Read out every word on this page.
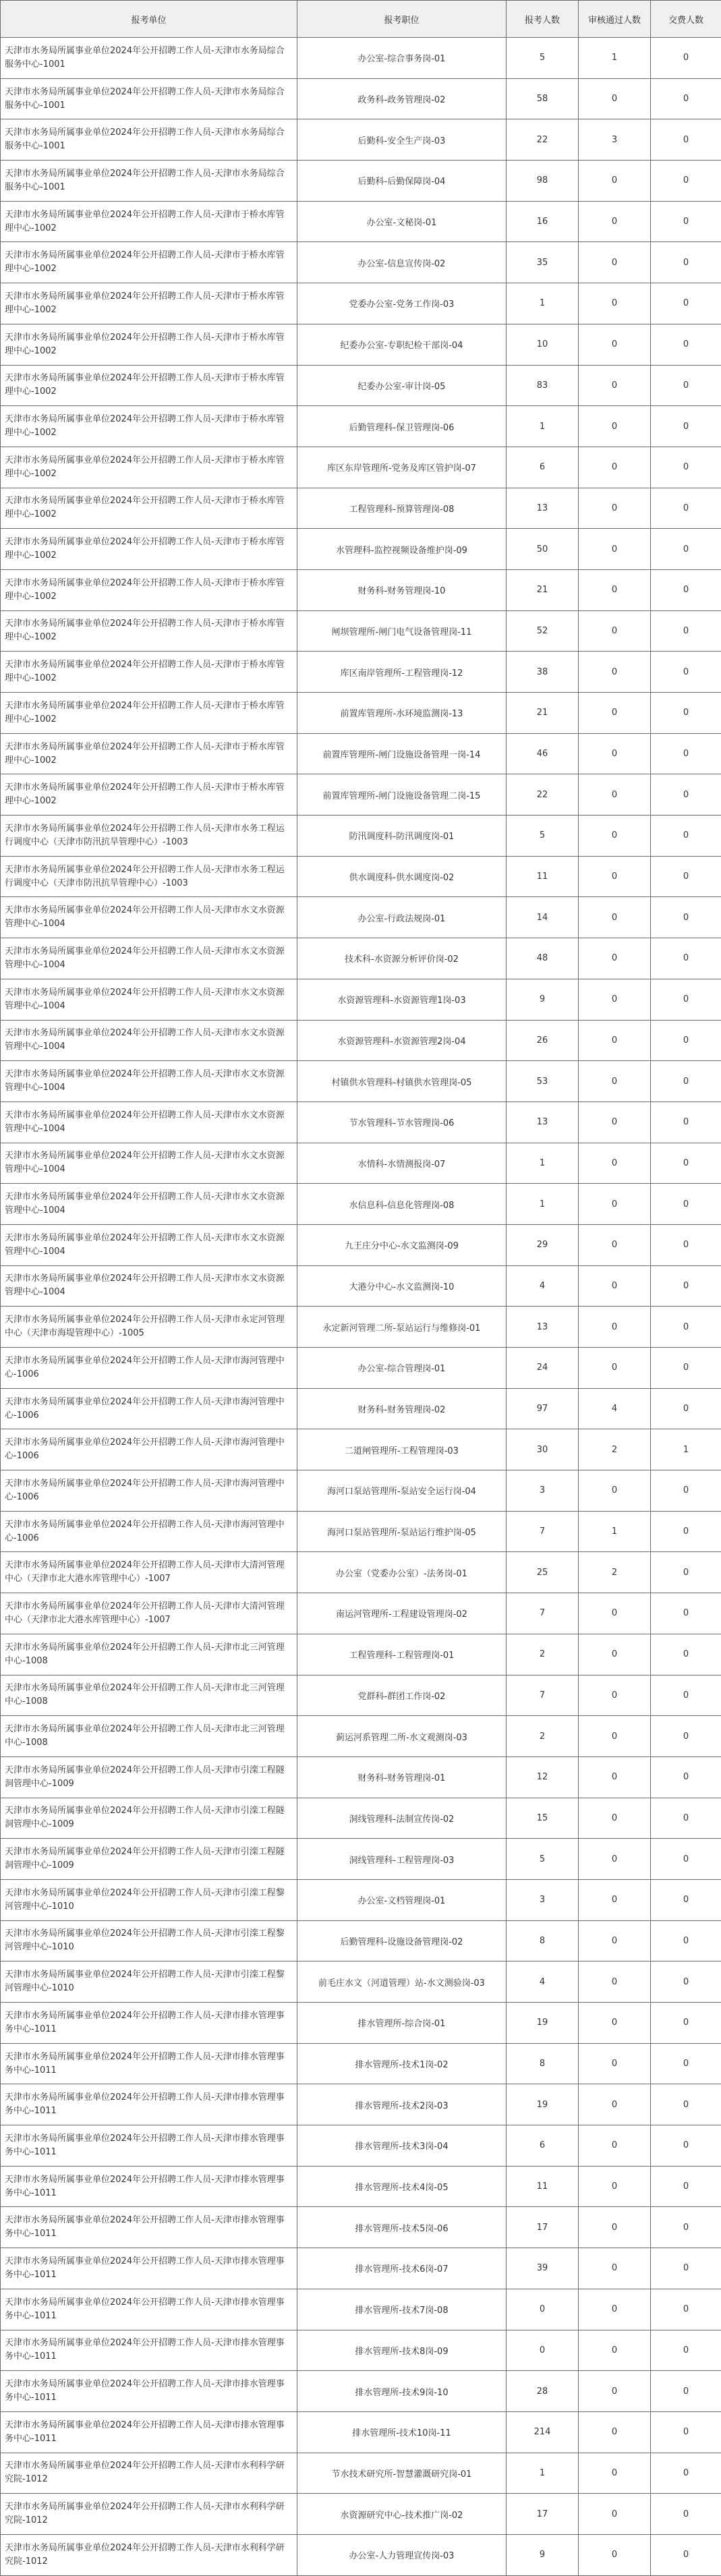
报考单位	报考职位	报考人数	审核通过人数	交费人数
天津市水务局所属事业单位2024年公开招聘工作人员-天津市水务局综合服务中心-1001	办公室-综合事务岗-01	5	1	0
天津市水务局所属事业单位2024年公开招聘工作人员-天津市水务局综合服务中心-1001	政务科-政务管理岗-02	58	0	0
天津市水务局所属事业单位2024年公开招聘工作人员-天津市水务局综合服务中心-1001	后勤科-安全生产岗-03	22	3	0
天津市水务局所属事业单位2024年公开招聘工作人员-天津市水务局综合服务中心-1001	后勤科-后勤保障岗-04	98	0	0
天津市水务局所属事业单位2024年公开招聘工作人员-天津市于桥水库管理中心-1002	办公室-文秘岗-01	16	0	0
天津市水务局所属事业单位2024年公开招聘工作人员-天津市于桥水库管理中心-1002	办公室-信息宣传岗-02	35	0	0
天津市水务局所属事业单位2024年公开招聘工作人员-天津市于桥水库管理中心-1002	党委办公室-党务工作岗-03	1	0	0
天津市水务局所属事业单位2024年公开招聘工作人员-天津市于桥水库管理中心-1002	纪委办公室-专职纪检干部岗-04	10	0	0
天津市水务局所属事业单位2024年公开招聘工作人员-天津市于桥水库管理中心-1002	纪委办公室-审计岗-05	83	0	0
天津市水务局所属事业单位2024年公开招聘工作人员-天津市于桥水库管理中心-1002	后勤管理科-保卫管理岗-06	1	0	0
天津市水务局所属事业单位2024年公开招聘工作人员-天津市于桥水库管理中心-1002	库区东岸管理所-党务及库区管护岗-07	6	0	0
天津市水务局所属事业单位2024年公开招聘工作人员-天津市于桥水库管理中心-1002	工程管理科-预算管理岗-08	13	0	0
天津市水务局所属事业单位2024年公开招聘工作人员-天津市于桥水库管理中心-1002	水管理科-监控视频设备维护岗-09	50	0	0
天津市水务局所属事业单位2024年公开招聘工作人员-天津市于桥水库管理中心-1002	财务科-财务管理岗-10	21	0	0
天津市水务局所属事业单位2024年公开招聘工作人员-天津市于桥水库管理中心-1002	闸坝管理所-闸门电气设备管理岗-11	52	0	0
天津市水务局所属事业单位2024年公开招聘工作人员-天津市于桥水库管理中心-1002	库区南岸管理所-工程管理岗-12	38	0	0
天津市水务局所属事业单位2024年公开招聘工作人员-天津市于桥水库管理中心-1002	前置库管理所-水环境监测岗-13	21	0	0
天津市水务局所属事业单位2024年公开招聘工作人员-天津市于桥水库管理中心-1002	前置库管理所-闸门设施设备管理一岗-14	46	0	0
天津市水务局所属事业单位2024年公开招聘工作人员-天津市于桥水库管理中心-1002	前置库管理所-闸门设施设备管理二岗-15	22	0	0
天津市水务局所属事业单位2024年公开招聘工作人员-天津市水务工程运行调度中心（天津市防汛抗旱管理中心）-1003	防汛调度科-防汛调度岗-01	5	0	0
天津市水务局所属事业单位2024年公开招聘工作人员-天津市水务工程运行调度中心（天津市防汛抗旱管理中心）-1003	供水调度科-供水调度岗-02	11	0	0
天津市水务局所属事业单位2024年公开招聘工作人员-天津市水文水资源管理中心-1004	办公室-行政法规岗-01	14	0	0
天津市水务局所属事业单位2024年公开招聘工作人员-天津市水文水资源管理中心-1004	技术科-水资源分析评价岗-02	48	0	0
天津市水务局所属事业单位2024年公开招聘工作人员-天津市水文水资源管理中心-1004	水资源管理科-水资源管理1岗-03	9	0	0
天津市水务局所属事业单位2024年公开招聘工作人员-天津市水文水资源管理中心-1004	水资源管理科-水资源管理2岗-04	26	0	0
天津市水务局所属事业单位2024年公开招聘工作人员-天津市水文水资源管理中心-1004	村镇供水管理科-村镇供水管理岗-05	53	0	0
天津市水务局所属事业单位2024年公开招聘工作人员-天津市水文水资源管理中心-1004	节水管理科-节水管理岗-06	13	0	0
天津市水务局所属事业单位2024年公开招聘工作人员-天津市水文水资源管理中心-1004	水情科-水情测报岗-07	1	0	0
天津市水务局所属事业单位2024年公开招聘工作人员-天津市水文水资源管理中心-1004	水信息科-信息化管理岗-08	1	0	0
天津市水务局所属事业单位2024年公开招聘工作人员-天津市水文水资源管理中心-1004	九王庄分中心-水文监测岗-09	29	0	0
天津市水务局所属事业单位2024年公开招聘工作人员-天津市水文水资源管理中心-1004	大港分中心-水文监测岗-10	4	0	0
天津市水务局所属事业单位2024年公开招聘工作人员-天津市永定河管理中心（天津市海堤管理中心）-1005	永定新河管理二所-泵站运行与维修岗-01	13	0	0
天津市水务局所属事业单位2024年公开招聘工作人员-天津市海河管理中心-1006	办公室-综合管理岗-01	24	0	0
天津市水务局所属事业单位2024年公开招聘工作人员-天津市海河管理中心-1006	财务科-财务管理岗-02	97	4	0
天津市水务局所属事业单位2024年公开招聘工作人员-天津市海河管理中心-1006	二道闸管理所-工程管理岗-03	30	2	1
天津市水务局所属事业单位2024年公开招聘工作人员-天津市海河管理中心-1006	海河口泵站管理所-泵站安全运行岗-04	3	0	0
天津市水务局所属事业单位2024年公开招聘工作人员-天津市海河管理中心-1006	海河口泵站管理所-泵站运行维护岗-05	7	1	0
天津市水务局所属事业单位2024年公开招聘工作人员-天津市大清河管理中心（天津市北大港水库管理中心）-1007	办公室（党委办公室）-法务岗-01	25	2	0
天津市水务局所属事业单位2024年公开招聘工作人员-天津市大清河管理中心（天津市北大港水库管理中心）-1007	南运河管理所-工程建设管理岗-02	7	0	0
天津市水务局所属事业单位2024年公开招聘工作人员-天津市北三河管理中心-1008	工程管理科-工程管理岗-01	2	0	0
天津市水务局所属事业单位2024年公开招聘工作人员-天津市北三河管理中心-1008	党群科-群团工作岗-02	7	0	0
天津市水务局所属事业单位2024年公开招聘工作人员-天津市北三河管理中心-1008	蓟运河系管理二所-水文观测岗-03	2	0	0
天津市水务局所属事业单位2024年公开招聘工作人员-天津市引滦工程隧洞管理中心-1009	财务科-财务管理岗-01	12	0	0
天津市水务局所属事业单位2024年公开招聘工作人员-天津市引滦工程隧洞管理中心-1009	洞线管理科-法制宣传岗-02	15	0	0
天津市水务局所属事业单位2024年公开招聘工作人员-天津市引滦工程隧洞管理中心-1009	洞线管理科-工程管理岗-03	5	0	0
天津市水务局所属事业单位2024年公开招聘工作人员-天津市引滦工程黎河管理中心-1010	办公室-文档管理岗-01	3	0	0
天津市水务局所属事业单位2024年公开招聘工作人员-天津市引滦工程黎河管理中心-1010	后勤管理科-设施设备管理岗-02	8	0	0
天津市水务局所属事业单位2024年公开招聘工作人员-天津市引滦工程黎河管理中心-1010	前毛庄水文（河道管理）站-水文测验岗-03	4	0	0
天津市水务局所属事业单位2024年公开招聘工作人员-天津市排水管理事务中心-1011	排水管理所-综合岗-01	19	0	0
天津市水务局所属事业单位2024年公开招聘工作人员-天津市排水管理事务中心-1011	排水管理所-技术1岗-02	8	0	0
天津市水务局所属事业单位2024年公开招聘工作人员-天津市排水管理事务中心-1011	排水管理所-技术2岗-03	19	0	0
天津市水务局所属事业单位2024年公开招聘工作人员-天津市排水管理事务中心-1011	排水管理所-技术3岗-04	6	0	0
天津市水务局所属事业单位2024年公开招聘工作人员-天津市排水管理事务中心-1011	排水管理所-技术4岗-05	11	0	0
天津市水务局所属事业单位2024年公开招聘工作人员-天津市排水管理事务中心-1011	排水管理所-技术5岗-06	17	0	0
天津市水务局所属事业单位2024年公开招聘工作人员-天津市排水管理事务中心-1011	排水管理所-技术6岗-07	39	0	0
天津市水务局所属事业单位2024年公开招聘工作人员-天津市排水管理事务中心-1011	排水管理所-技术7岗-08	0	0	0
天津市水务局所属事业单位2024年公开招聘工作人员-天津市排水管理事务中心-1011	排水管理所-技术8岗-09	0	0	0
天津市水务局所属事业单位2024年公开招聘工作人员-天津市排水管理事务中心-1011	排水管理所-技术9岗-10	28	0	0
天津市水务局所属事业单位2024年公开招聘工作人员-天津市排水管理事务中心-1011	排水管理所-技术10岗-11	214	0	0
天津市水务局所属事业单位2024年公开招聘工作人员-天津市水利科学研究院-1012	节水技术研究所-智慧灌溉研究岗-01	1	0	0
天津市水务局所属事业单位2024年公开招聘工作人员-天津市水利科学研究院-1012	水资源研究中心-技术推广岗-02	17	0	0
天津市水务局所属事业单位2024年公开招聘工作人员-天津市水利科学研究院-1012	办公室-人力管理宣传岗-03	9	0	0
